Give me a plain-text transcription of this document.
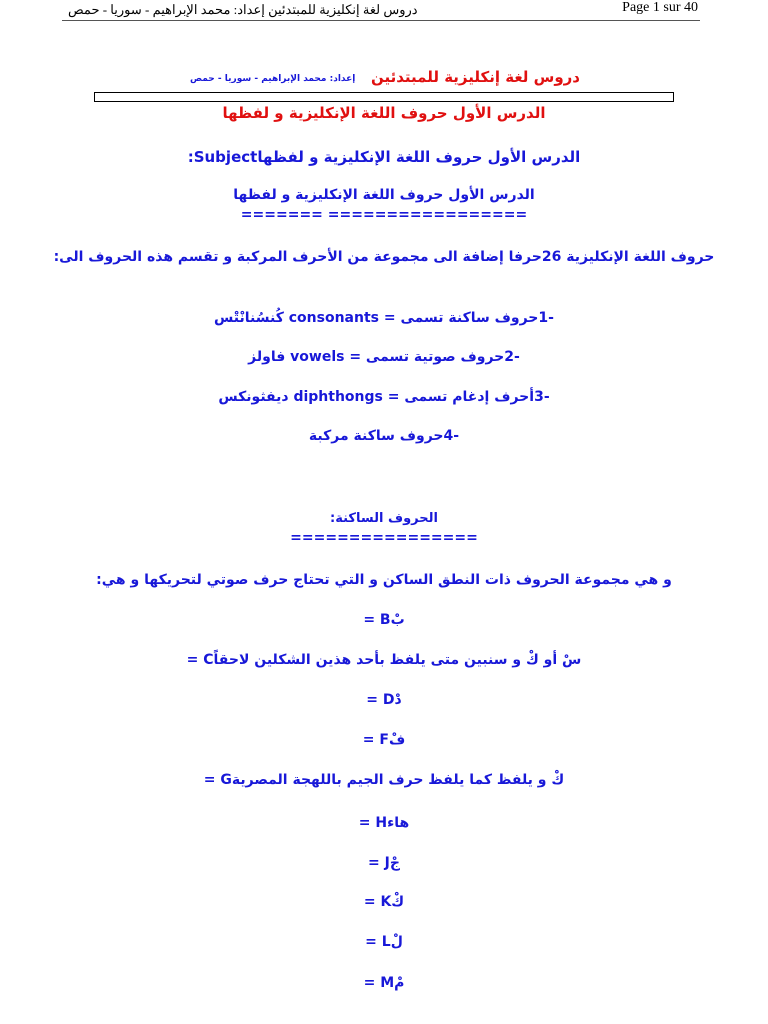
دروس لغة إنكليزية للمبتدئين إعداد: محمد الإبراهيم - سوريا - حمص	Page 1 sur 40
دروس لغة إنكليزية للمبتدئين
إعداد: محمد الإبراهيم - سوريا - حمص
الدرس الأول حروف اللغة الإنكليزية و لفظها
:Subjectالدرس الأول حروف اللغة الإنكليزية و لفظها
الدرس الأول حروف اللغة الإنكليزية و لفظها
======= =================
حروف اللغة الإنكليزية 26حرفا إضافة الى مجموعة من الأحرف المركبة و تقسم هذه الحروف الى:
-1حروف ساكنة تسمى = consonants كُنسُنانْتْس
-2حروف صوتية تسمى = vowels فاولز
-3أحرف إدغام تسمى = diphthongs ديفثونكس
-4حروف ساكنة مركبة
الحروف الساكنة:
================
و هي مجموعة الحروف ذات النطق الساكن و التي تحتاج حرف صوتي لتحريكها و هي:
= Bبْ
= Cسْ أو كْ و سنبين متى يلفظ بأحد هذين الشكلين لاحقاً
= Dدْ
= Fفْ
= Gكْ و يلفظ كما يلفظ حرف الجيم باللهجة المصرية
= Hهاء
= Jجْ
= Kكْ
= Lلْ
= Mمْ
